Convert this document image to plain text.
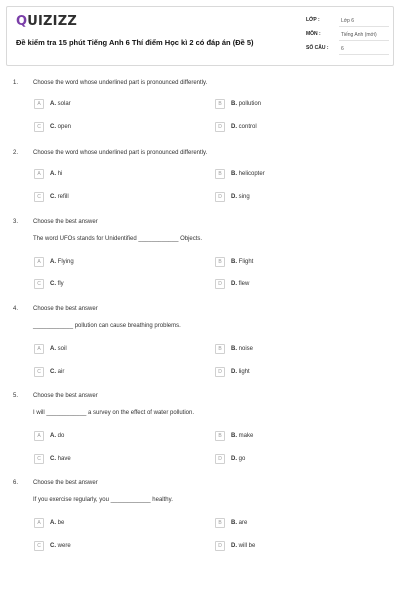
QUIZIZZ
Đề kiểm tra 15 phút Tiếng Anh 6 Thí điểm Học kì 2 có đáp án (Đề 5)
LỚP :	Lớp 6
MÔN :	Tiếng Anh (mới)
SỐ CÂU :	6
1. Choose the word whose underlined part is pronounced differently.
A	A. solar	B	B. pollution
C	C. open	D	D. control
2. Choose the word whose underlined part is pronounced differently.
A	A. hi	B	B. helicopter
C	C. refill	D	D. sing
3. Choose the best answer
The word UFOs stands for Unidentified ____________ Objects.
A	A. Flying	B	B. Flight
C	C. fly	D	D. flew
4. Choose the best answer
____________ pollution can cause breathing problems.
A	A. soil	B	B. noise
C	C. air	D	D. light
5. Choose the best answer
I will ____________ a survey on the effect of water pollution.
A	A. do	B	B. make
C	C. have	D	D. go
6. Choose the best answer
If you exercise regularly, you ____________ healthy.
A	A. be	B	B. are
C	C. were	D	D. will be
